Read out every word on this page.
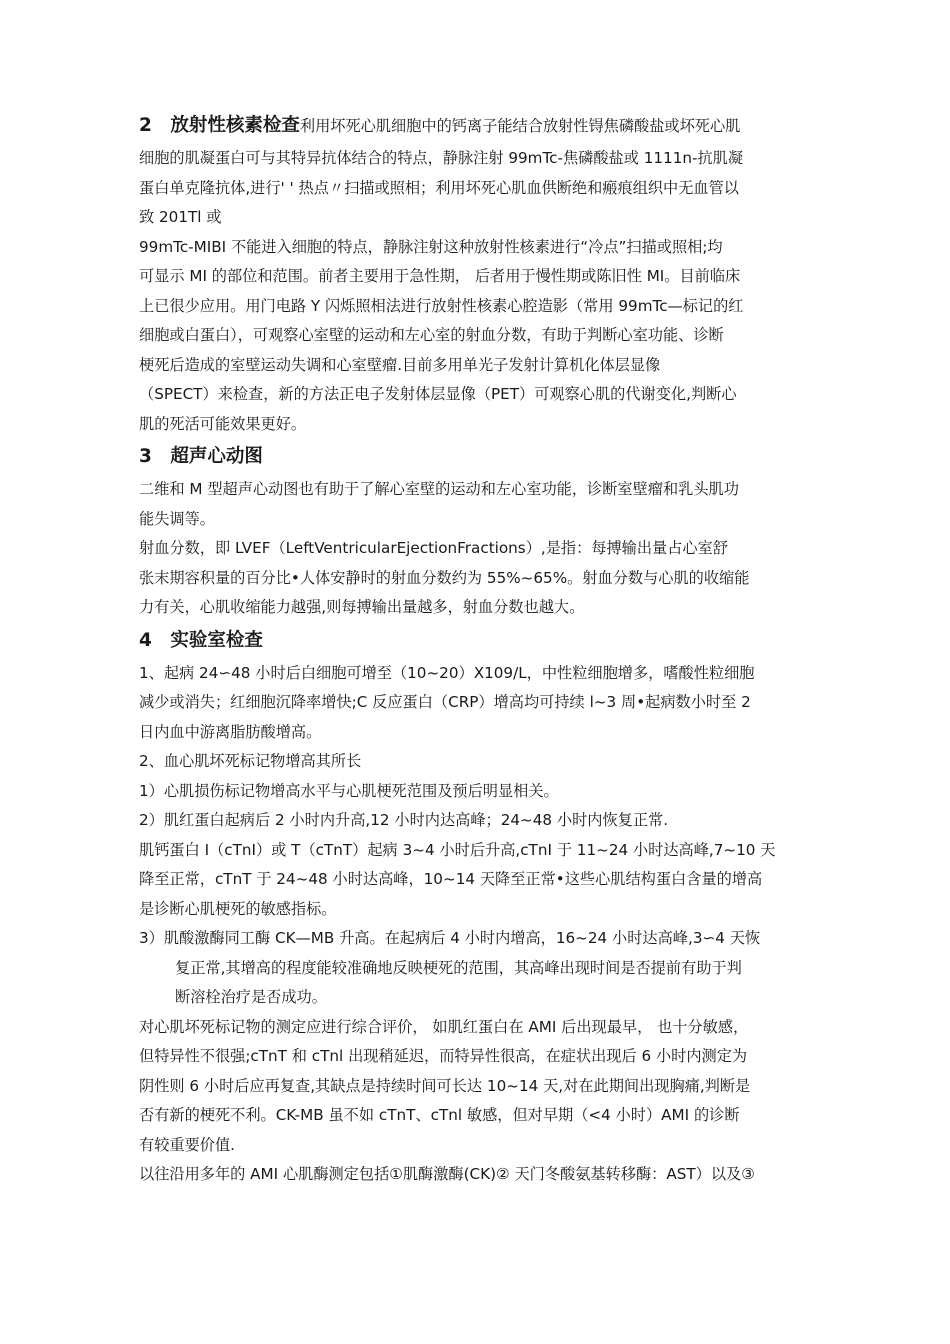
2　放射性核素检查利用坏死心肌细胞中的钙离子能结合放射性锝焦磷酸盐或坏死心肌
细胞的肌凝蛋白可与其特异抗体结合的特点，静脉注射 99mTc-焦磷酸盐或 1111n-抗肌凝
蛋白单克隆抗体,进行' ' 热点〃扫描或照相；利用坏死心肌血供断绝和瘢痕组织中无血管以
致 201Tl 或
99mTc-MIBI 不能进入细胞的特点，静脉注射这种放射性核素进行“冷点”扫描或照相;均
可显示 MI 的部位和范围。前者主要用于急性期， 后者用于慢性期或陈旧性 MI。目前临床
上已很少应用。用门电路 Y 闪烁照相法进行放射性核素心腔造影（常用 99mTc—标记的红
细胞或白蛋白），可观察心室壁的运动和左心室的射血分数，有助于判断心室功能、诊断
梗死后造成的室壁运动失调和心室壁瘤.目前多用单光子发射计算机化体层显像
（SPECT）来检查，新的方法正电子发射体层显像（PET）可观察心肌的代谢变化,判断心
肌的死活可能效果更好。
3　超声心动图
二维和 M 型超声心动图也有助于了解心室壁的运动和左心室功能，诊断室壁瘤和乳头肌功
能失调等。
射血分数，即 LVEF（LeftVentricularEjectionFractions）,是指：每搏输出量占心室舒
张末期容积量的百分比•人体安静时的射血分数约为 55%~65%。射血分数与心肌的收缩能
力有关，心肌收缩能力越强,则每搏输出量越多，射血分数也越大。
4　实验室检查
1、起病 24∽48 小时后白细胞可增至（10~20）X109/L，中性粒细胞增多，嗜酸性粒细胞
减少或消失；红细胞沉降率增快;C 反应蛋白（CRP）增高均可持续 l~3 周•起病数小时至 2
日内血中游离脂肪酸增高。
2、血心肌坏死标记物增高其所长
1）心肌损伤标记物增高水平与心肌梗死范围及预后明显相关。
2）肌红蛋白起病后 2 小时内升高,12 小时内达高峰；24~48 小时内恢复正常.
肌钙蛋白 I（cTnI）或 T（cTnT）起病 3~4 小时后升高,cTnI 于 11~24 小时达高峰,7~10 天
降至正常，cTnT 于 24~48 小时达高峰，10~14 天降至正常•这些心肌结构蛋白含量的增高
是诊断心肌梗死的敏感指标。
3）肌酸激酶同工酶 CK—MB 升高。在起病后 4 小时内增高，16~24 小时达高峰,3∽4 天恢
复正常,其增高的程度能较准确地反映梗死的范围，其高峰出现时间是否提前有助于判
断溶栓治疗是否成功。
对心肌坏死标记物的测定应进行综合评价， 如肌红蛋白在 AMI 后出现最早， 也十分敏感，
但特异性不很强;cTnT 和 cTnl 出现稍延迟，而特异性很高，在症状出现后 6 小时内测定为
阴性则 6 小时后应再复查,其缺点是持续时间可长达 10~14 天,对在此期间出现胸痛,判断是
否有新的梗死不利。CK-MB 虽不如 cTnT、cTnl 敏感，但对早期（<4 小时）AMI 的诊断
有较重要价值.
以往沿用多年的 AMI 心肌酶测定包括①肌酶激酶(CK)② 天门冬酸氨基转移酶：AST）以及③
